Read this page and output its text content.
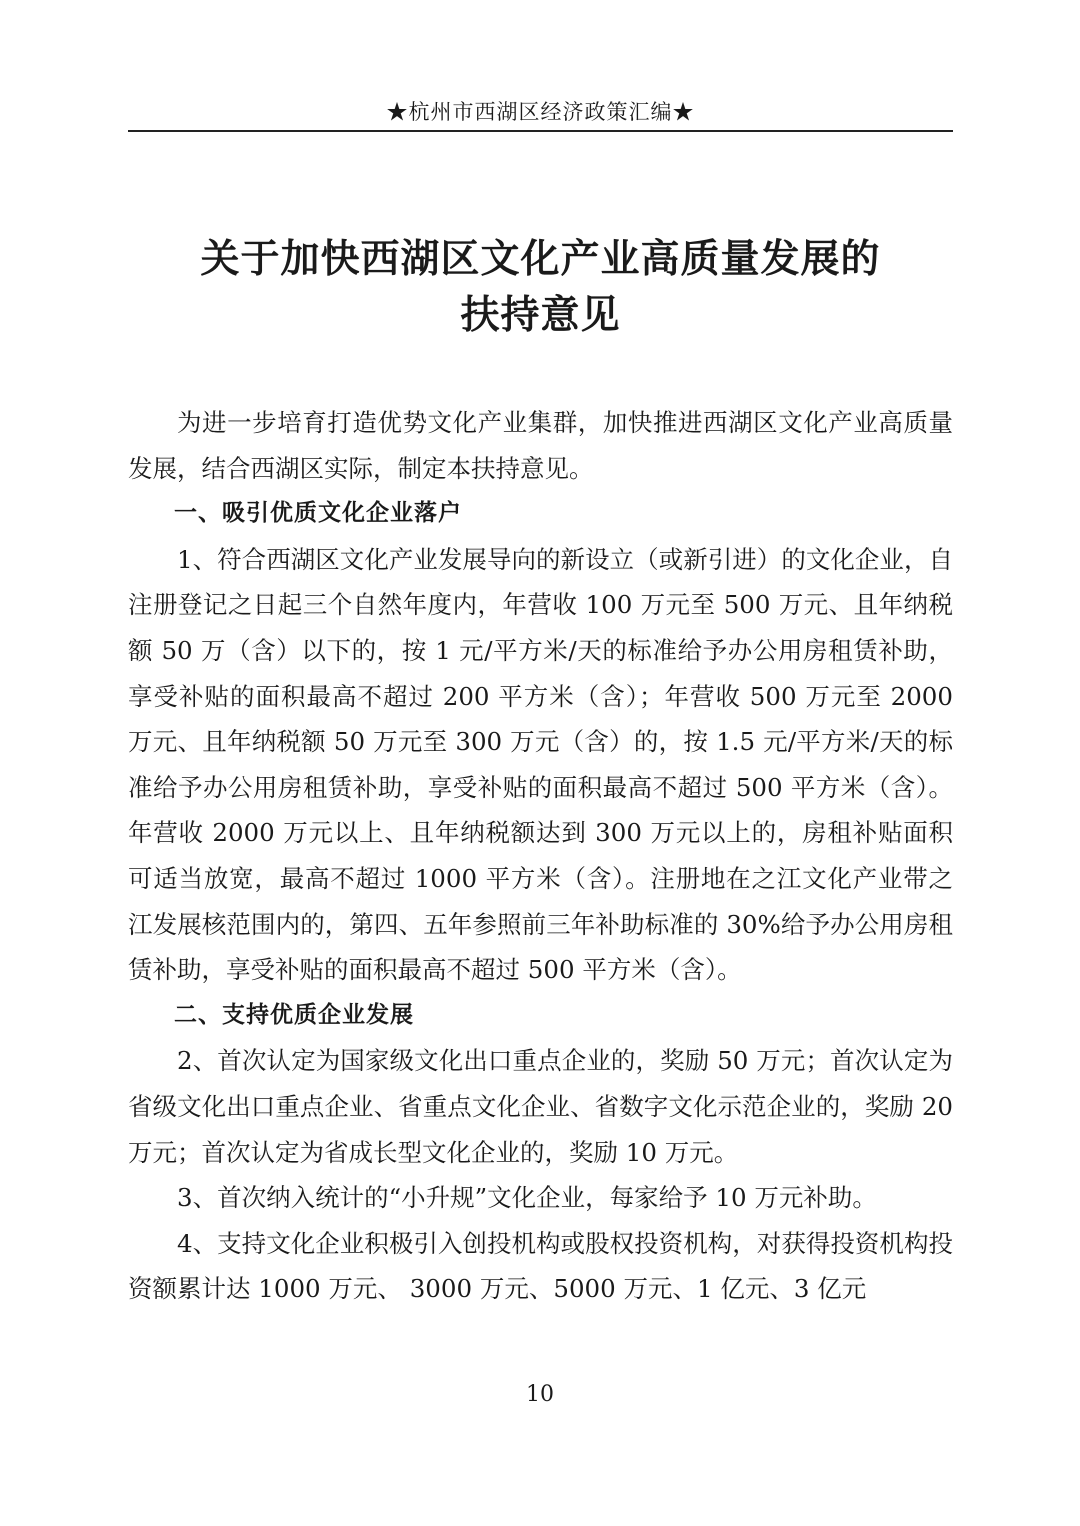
★杭州市西湖区经济政策汇编★
关于加快西湖区文化产业高质量发展的
扶持意见

为进一步培育打造优势文化产业集群，加快推进西湖区文化产业高质量发展，结合西湖区实际，制定本扶持意见。

一、吸引优质文化企业落户

1、符合西湖区文化产业发展导向的新设立（或新引进）的文化企业，自注册登记之日起三个自然年度内，年营收 100 万元至 500 万元、且年纳税额 50 万（含）以下的，按 1 元/平方米/天的标准给予办公用房租赁补助，享受补贴的面积最高不超过 200 平方米（含）；年营收 500 万元至 2000 万元、且年纳税额 50 万元至 300 万元（含）的，按 1.5 元/平方米/天的标准给予办公用房租赁补助，享受补贴的面积最高不超过 500 平方米（含）。年营收 2000 万元以上、且年纳税额达到 300 万元以上的，房租补贴面积可适当放宽，最高不超过 1000 平方米（含）。注册地在之江文化产业带之江发展核范围内的，第四、五年参照前三年补助标准的 30%给予办公用房租赁补助，享受补贴的面积最高不超过 500 平方米（含）。

二、支持优质企业发展

2、首次认定为国家级文化出口重点企业的，奖励 50 万元；首次认定为省级文化出口重点企业、省重点文化企业、省数字文化示范企业的，奖励 20 万元；首次认定为省成长型文化企业的，奖励 10 万元。

3、首次纳入统计的“小升规”文化企业，每家给予 10 万元补助。

4、支持文化企业积极引入创投机构或股权投资机构，对获得投资机构投资额累计达 1000 万元、 3000 万元、5000 万元、1 亿元、3 亿元

10
